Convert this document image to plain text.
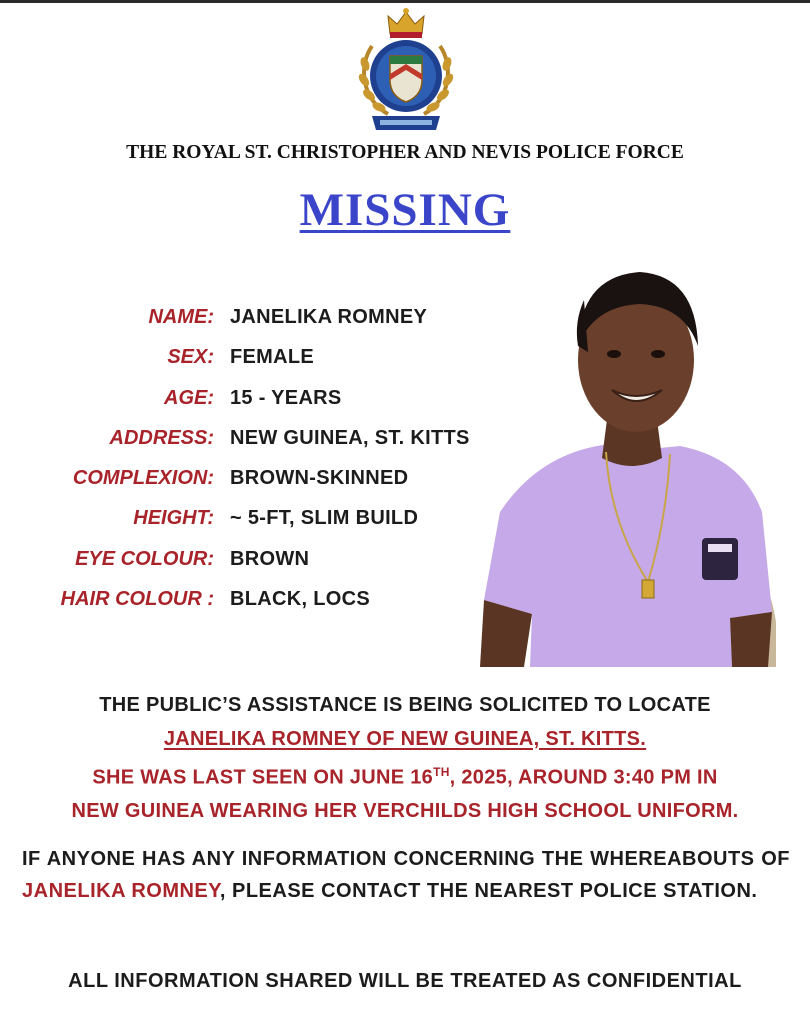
THE ROYAL ST. CHRISTOPHER AND NEVIS POLICE FORCE
MISSING
NAME: JANELIKA ROMNEY
SEX: FEMALE
AGE: 15 - YEARS
ADDRESS: NEW GUINEA, ST. KITTS
COMPLEXION: BROWN-SKINNED
HEIGHT: ~ 5-FT, SLIM BUILD
EYE COLOUR: BROWN
HAIR COLOUR : BLACK, LOCS
THE PUBLIC’S ASSISTANCE IS BEING SOLICITED TO LOCATE
JANELIKA ROMNEY OF NEW GUINEA, ST. KITTS.
SHE WAS LAST SEEN ON JUNE 16TH, 2025, AROUND 3:40 PM IN
NEW GUINEA WEARING HER VERCHILDS HIGH SCHOOL UNIFORM.
IF ANYONE HAS ANY INFORMATION CONCERNING THE WHEREABOUTS OF JANELIKA ROMNEY, PLEASE CONTACT THE NEAREST POLICE STATION.
ALL INFORMATION SHARED WILL BE TREATED AS CONFIDENTIAL
